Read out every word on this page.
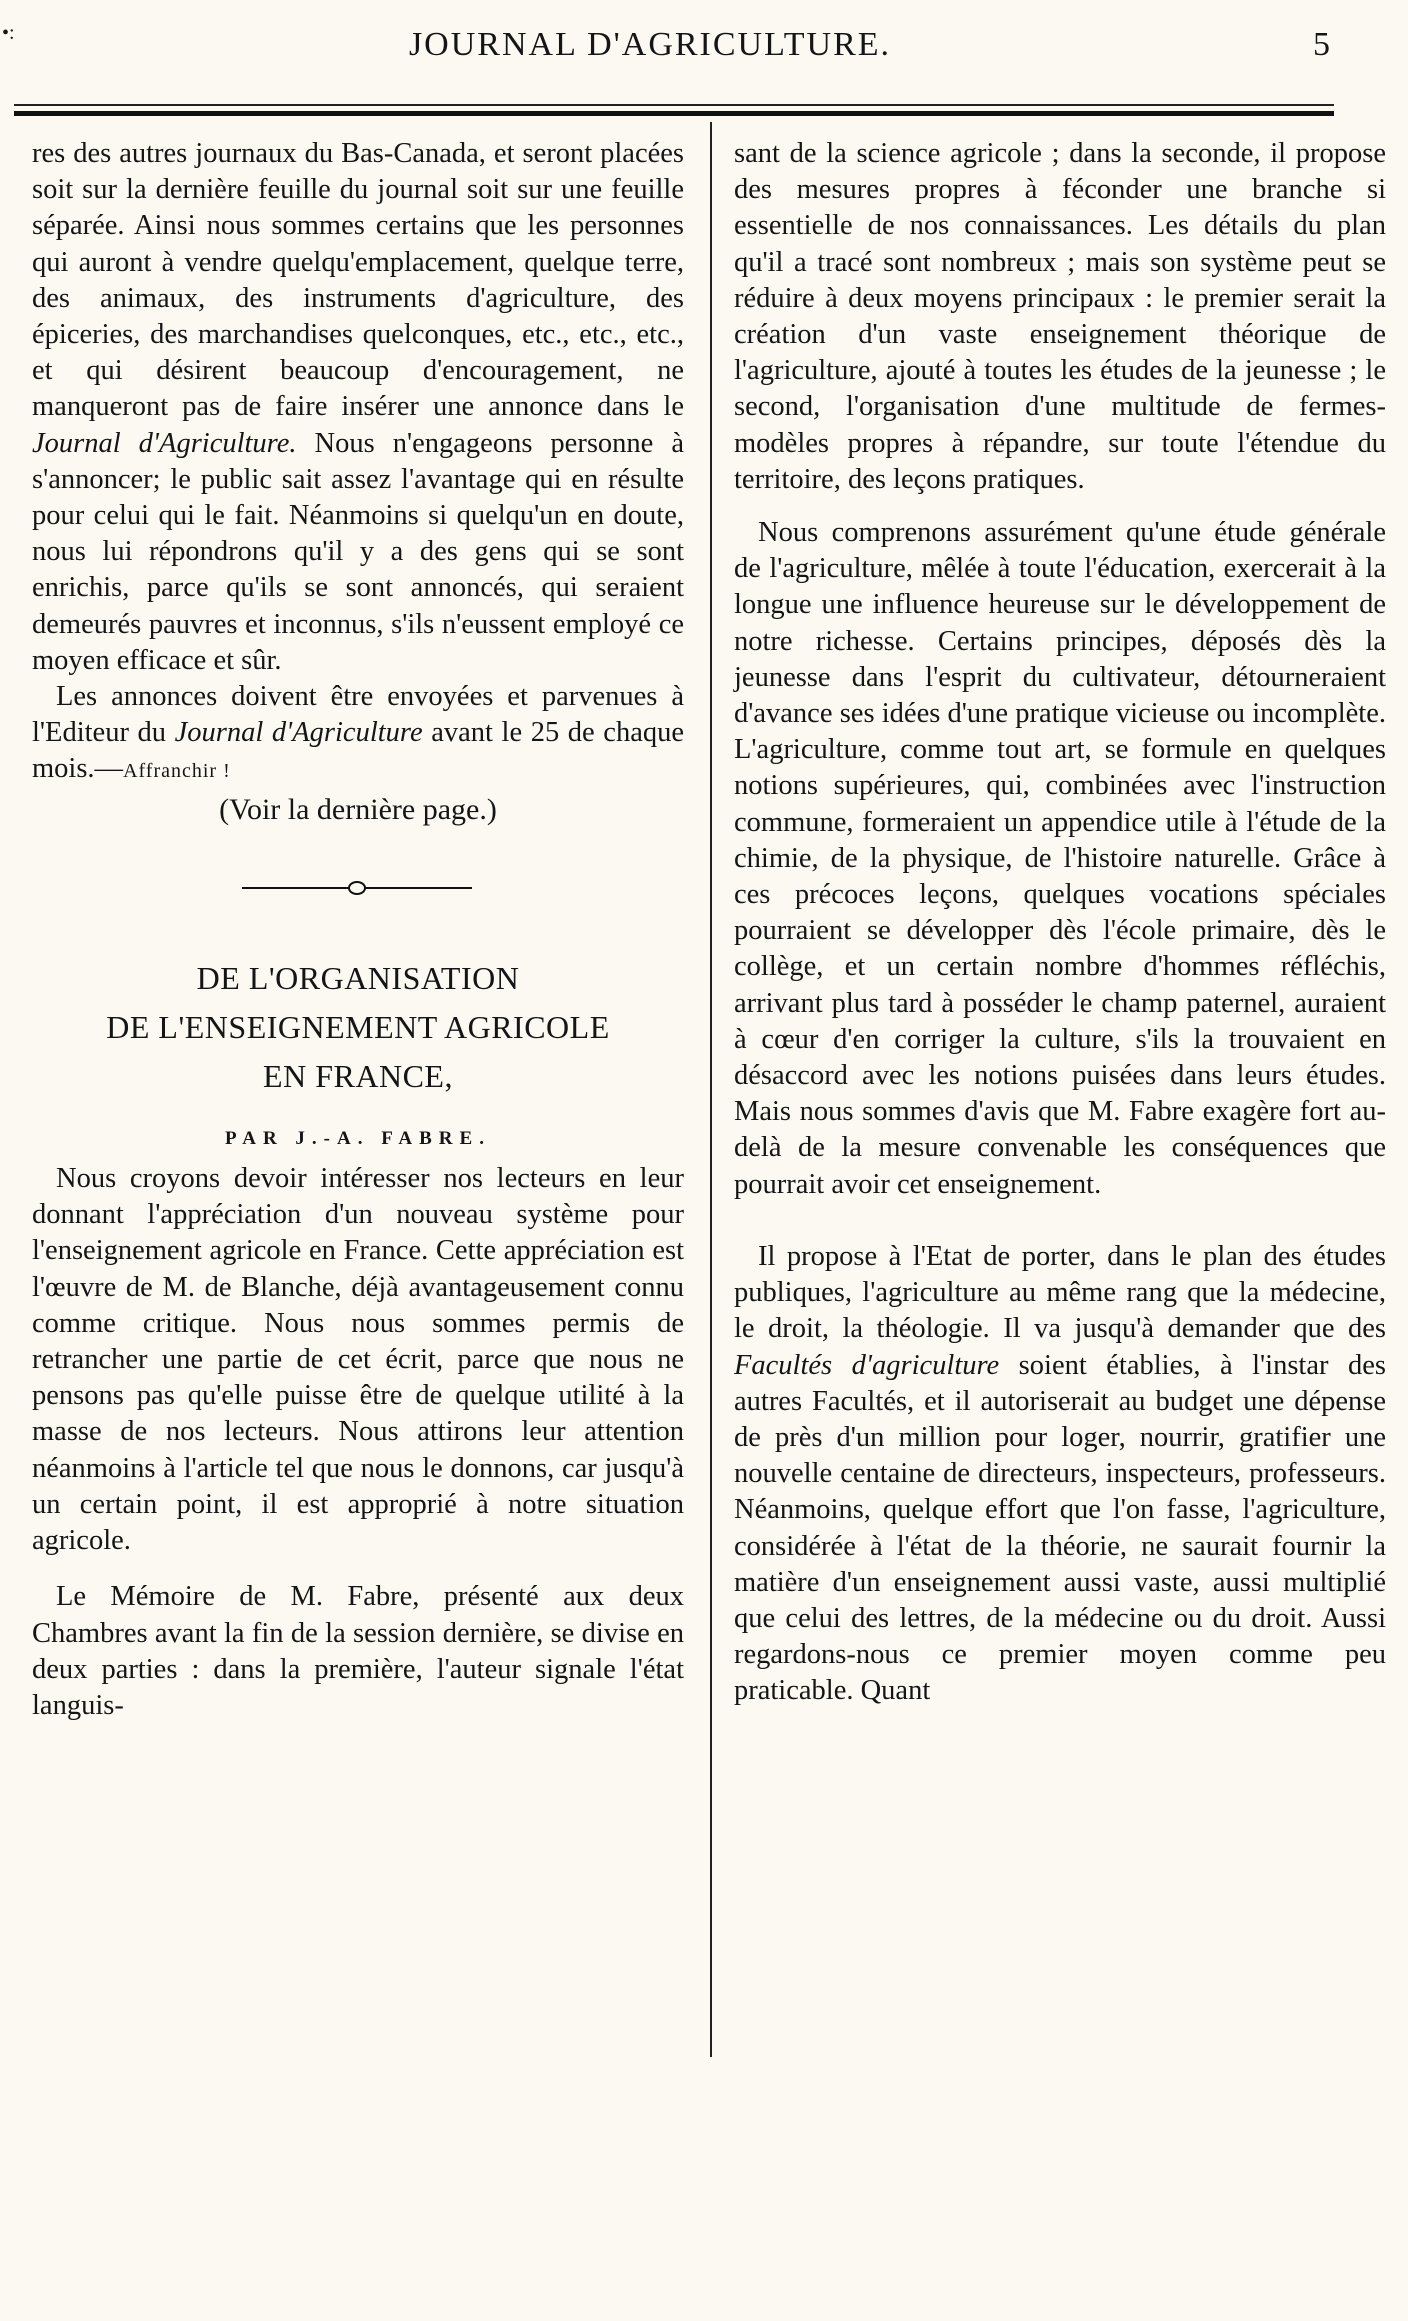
•:	JOURNAL D'AGRICULTURE.	5

res des autres journaux du Bas-Canada, et seront placées soit sur la dernière feuille du journal soit sur une feuille séparée. Ainsi nous sommes certains que les personnes qui auront à vendre quelqu'emplacement, quelque terre, des animaux, des instruments d'agriculture, des épiceries, des marchandises quelconques, etc., etc., etc., et qui désirent beaucoup d'encouragement, ne manqueront pas de faire insérer une annonce dans le Journal d'Agriculture. Nous n'engageons personne à s'annoncer; le public sait assez l'avantage qui en résulte pour celui qui le fait. Néanmoins si quelqu'un en doute, nous lui répondrons qu'il y a des gens qui se sont enrichis, parce qu'ils se sont annoncés, qui seraient demeurés pauvres et inconnus, s'ils n'eussent employé ce moyen efficace et sûr.

Les annonces doivent être envoyées et parvenues à l'Editeur du Journal d'Agriculture avant le 25 de chaque mois.—Affranchir !

(Voir la dernière page.)
DE L'ORGANISATION
DE L'ENSEIGNEMENT AGRICOLE
EN FRANCE,
PAR J.-A. FABRE.

Nous croyons devoir intéresser nos lecteurs en leur donnant l'appréciation d'un nouveau système pour l'enseignement agricole en France. Cette appréciation est l'œuvre de M. de Blanche, déjà avantageusement connu comme critique. Nous nous sommes permis de retrancher une partie de cet écrit, parce que nous ne pensons pas qu'elle puisse être de quelque utilité à la masse de nos lecteurs. Nous attirons leur attention néanmoins à l'article tel que nous le donnons, car jusqu'à un certain point, il est approprié à notre situation agricole.

Le Mémoire de M. Fabre, présenté aux deux Chambres avant la fin de la session dernière, se divise en deux parties : dans la première, l'auteur signale l'état languis-

sant de la science agricole ; dans la seconde, il propose des mesures propres à féconder une branche si essentielle de nos connaissances. Les détails du plan qu'il a tracé sont nombreux ; mais son système peut se réduire à deux moyens principaux : le premier serait la création d'un vaste enseignement théorique de l'agriculture, ajouté à toutes les études de la jeunesse ; le second, l'organisation d'une multitude de fermes-modèles propres à répandre, sur toute l'étendue du territoire, des leçons pratiques.

Nous comprenons assurément qu'une étude générale de l'agriculture, mêlée à toute l'éducation, exercerait à la longue une influence heureuse sur le développement de notre richesse. Certains principes, déposés dès la jeunesse dans l'esprit du cultivateur, détourneraient d'avance ses idées d'une pratique vicieuse ou incomplète. L'agriculture, comme tout art, se formule en quelques notions supérieures, qui, combinées avec l'instruction commune, formeraient un appendice utile à l'étude de la chimie, de la physique, de l'histoire naturelle. Grâce à ces précoces leçons, quelques vocations spéciales pourraient se développer dès l'école primaire, dès le collège, et un certain nombre d'hommes réfléchis, arrivant plus tard à posséder le champ paternel, auraient à cœur d'en corriger la culture, s'ils la trouvaient en désaccord avec les notions puisées dans leurs études. Mais nous sommes d'avis que M. Fabre exagère fort au-delà de la mesure convenable les conséquences que pourrait avoir cet enseignement.

Il propose à l'Etat de porter, dans le plan des études publiques, l'agriculture au même rang que la médecine, le droit, la théologie. Il va jusqu'à demander que des Facultés d'agriculture soient établies, à l'instar des autres Facultés, et il autoriserait au budget une dépense de près d'un million pour loger, nourrir, gratifier une nouvelle centaine de directeurs, inspecteurs, professeurs. Néanmoins, quelque effort que l'on fasse, l'agriculture, considérée à l'état de la théorie, ne saurait fournir la matière d'un enseignement aussi vaste, aussi multiplié que celui des lettres, de la médecine ou du droit. Aussi regardons-nous ce premier moyen comme peu praticable. Quant
